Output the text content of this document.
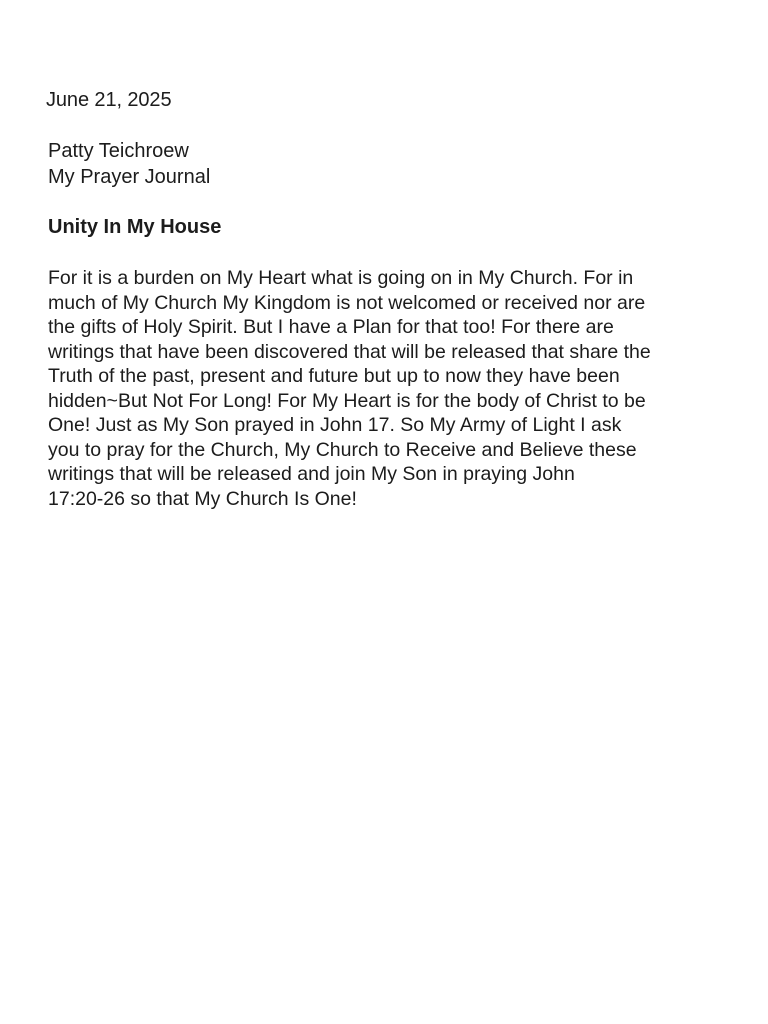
June 21, 2025
Patty Teichroew
My Prayer Journal
Unity In My House
For it is a burden on My Heart what is going on in My Church. For in
much of My Church My Kingdom is not welcomed or received nor are
the gifts of Holy Spirit. But I have a Plan for that too! For there are
writings that have been discovered that will be released that share the
Truth of the past, present and future but up to now they have been
hidden~But Not For Long! For My Heart is for the body of Christ to be
One! Just as My Son prayed in John 17. So My Army of Light I ask
you to pray for the Church, My Church to Receive and Believe these
writings that will be released and join My Son in praying John
17:20-26 so that My Church Is One!
